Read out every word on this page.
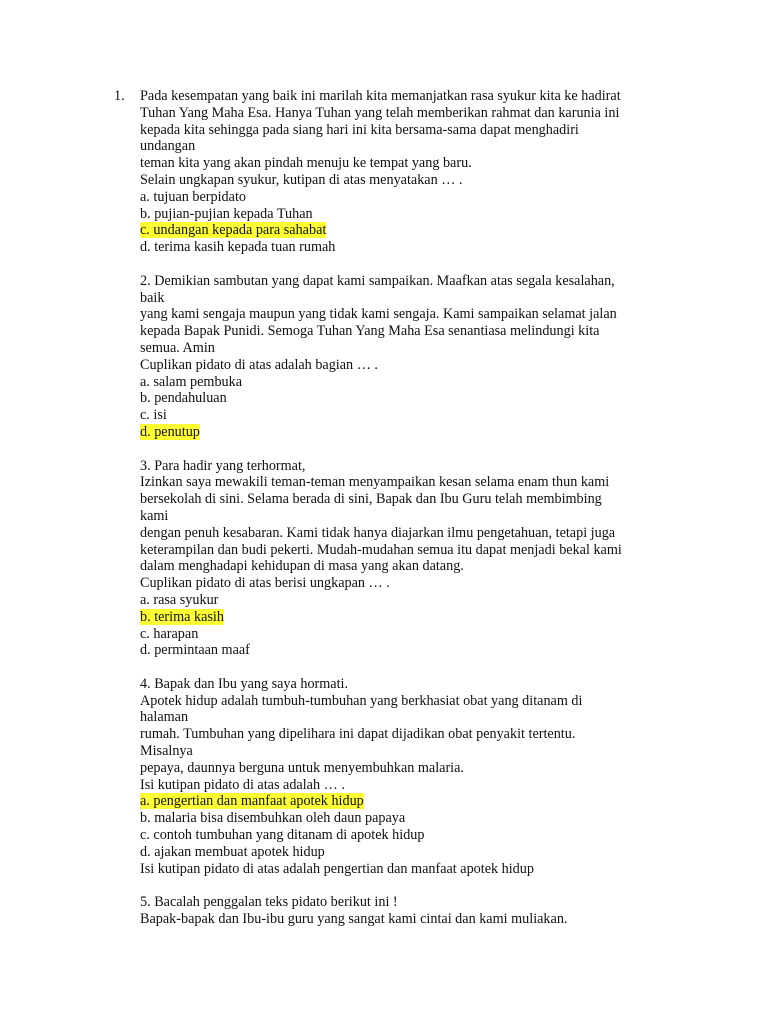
1. Pada kesempatan yang baik ini marilah kita memanjatkan rasa syukur kita ke hadirat
Tuhan Yang Maha Esa. Hanya Tuhan yang telah memberikan rahmat dan karunia ini
kepada kita sehingga pada siang hari ini kita bersama-sama dapat menghadiri
undangan
teman kita yang akan pindah menuju ke tempat yang baru.
Selain ungkapan syukur, kutipan di atas menyatakan … .
a. tujuan berpidato
b. pujian-pujian kepada Tuhan
c. undangan kepada para sahabat
d. terima kasih kepada tuan rumah
2. Demikian sambutan yang dapat kami sampaikan. Maafkan atas segala kesalahan,
baik
yang kami sengaja maupun yang tidak kami sengaja. Kami sampaikan selamat jalan
kepada Bapak Punidi. Semoga Tuhan Yang Maha Esa senantiasa melindungi kita
semua. Amin
Cuplikan pidato di atas adalah bagian … .
a. salam pembuka
b. pendahuluan
c. isi
d. penutup
3. Para hadir yang terhormat,
Izinkan saya mewakili teman-teman menyampaikan kesan selama enam thun kami
bersekolah di sini. Selama berada di sini, Bapak dan Ibu Guru telah membimbing
kami
dengan penuh kesabaran. Kami tidak hanya diajarkan ilmu pengetahuan, tetapi juga
keterampilan dan budi pekerti. Mudah-mudahan semua itu dapat menjadi bekal kami
dalam menghadapi kehidupan di masa yang akan datang.
Cuplikan pidato di atas berisi ungkapan … .
a. rasa syukur
b. terima kasih
c. harapan
d. permintaan maaf
4. Bapak dan Ibu yang saya hormati.
Apotek hidup adalah tumbuh-tumbuhan yang berkhasiat obat yang ditanam di
halaman
rumah. Tumbuhan yang dipelihara ini dapat dijadikan obat penyakit tertentu.
Misalnya
pepaya, daunnya berguna untuk menyembuhkan malaria.
Isi kutipan pidato di atas adalah … .
a. pengertian dan manfaat apotek hidup
b. malaria bisa disembuhkan oleh daun papaya
c. contoh tumbuhan yang ditanam di apotek hidup
d. ajakan membuat apotek hidup
Isi kutipan pidato di atas adalah pengertian dan manfaat apotek hidup
5. Bacalah penggalan teks pidato berikut ini !
Bapak-bapak dan Ibu-ibu guru yang sangat kami cintai dan kami muliakan.
